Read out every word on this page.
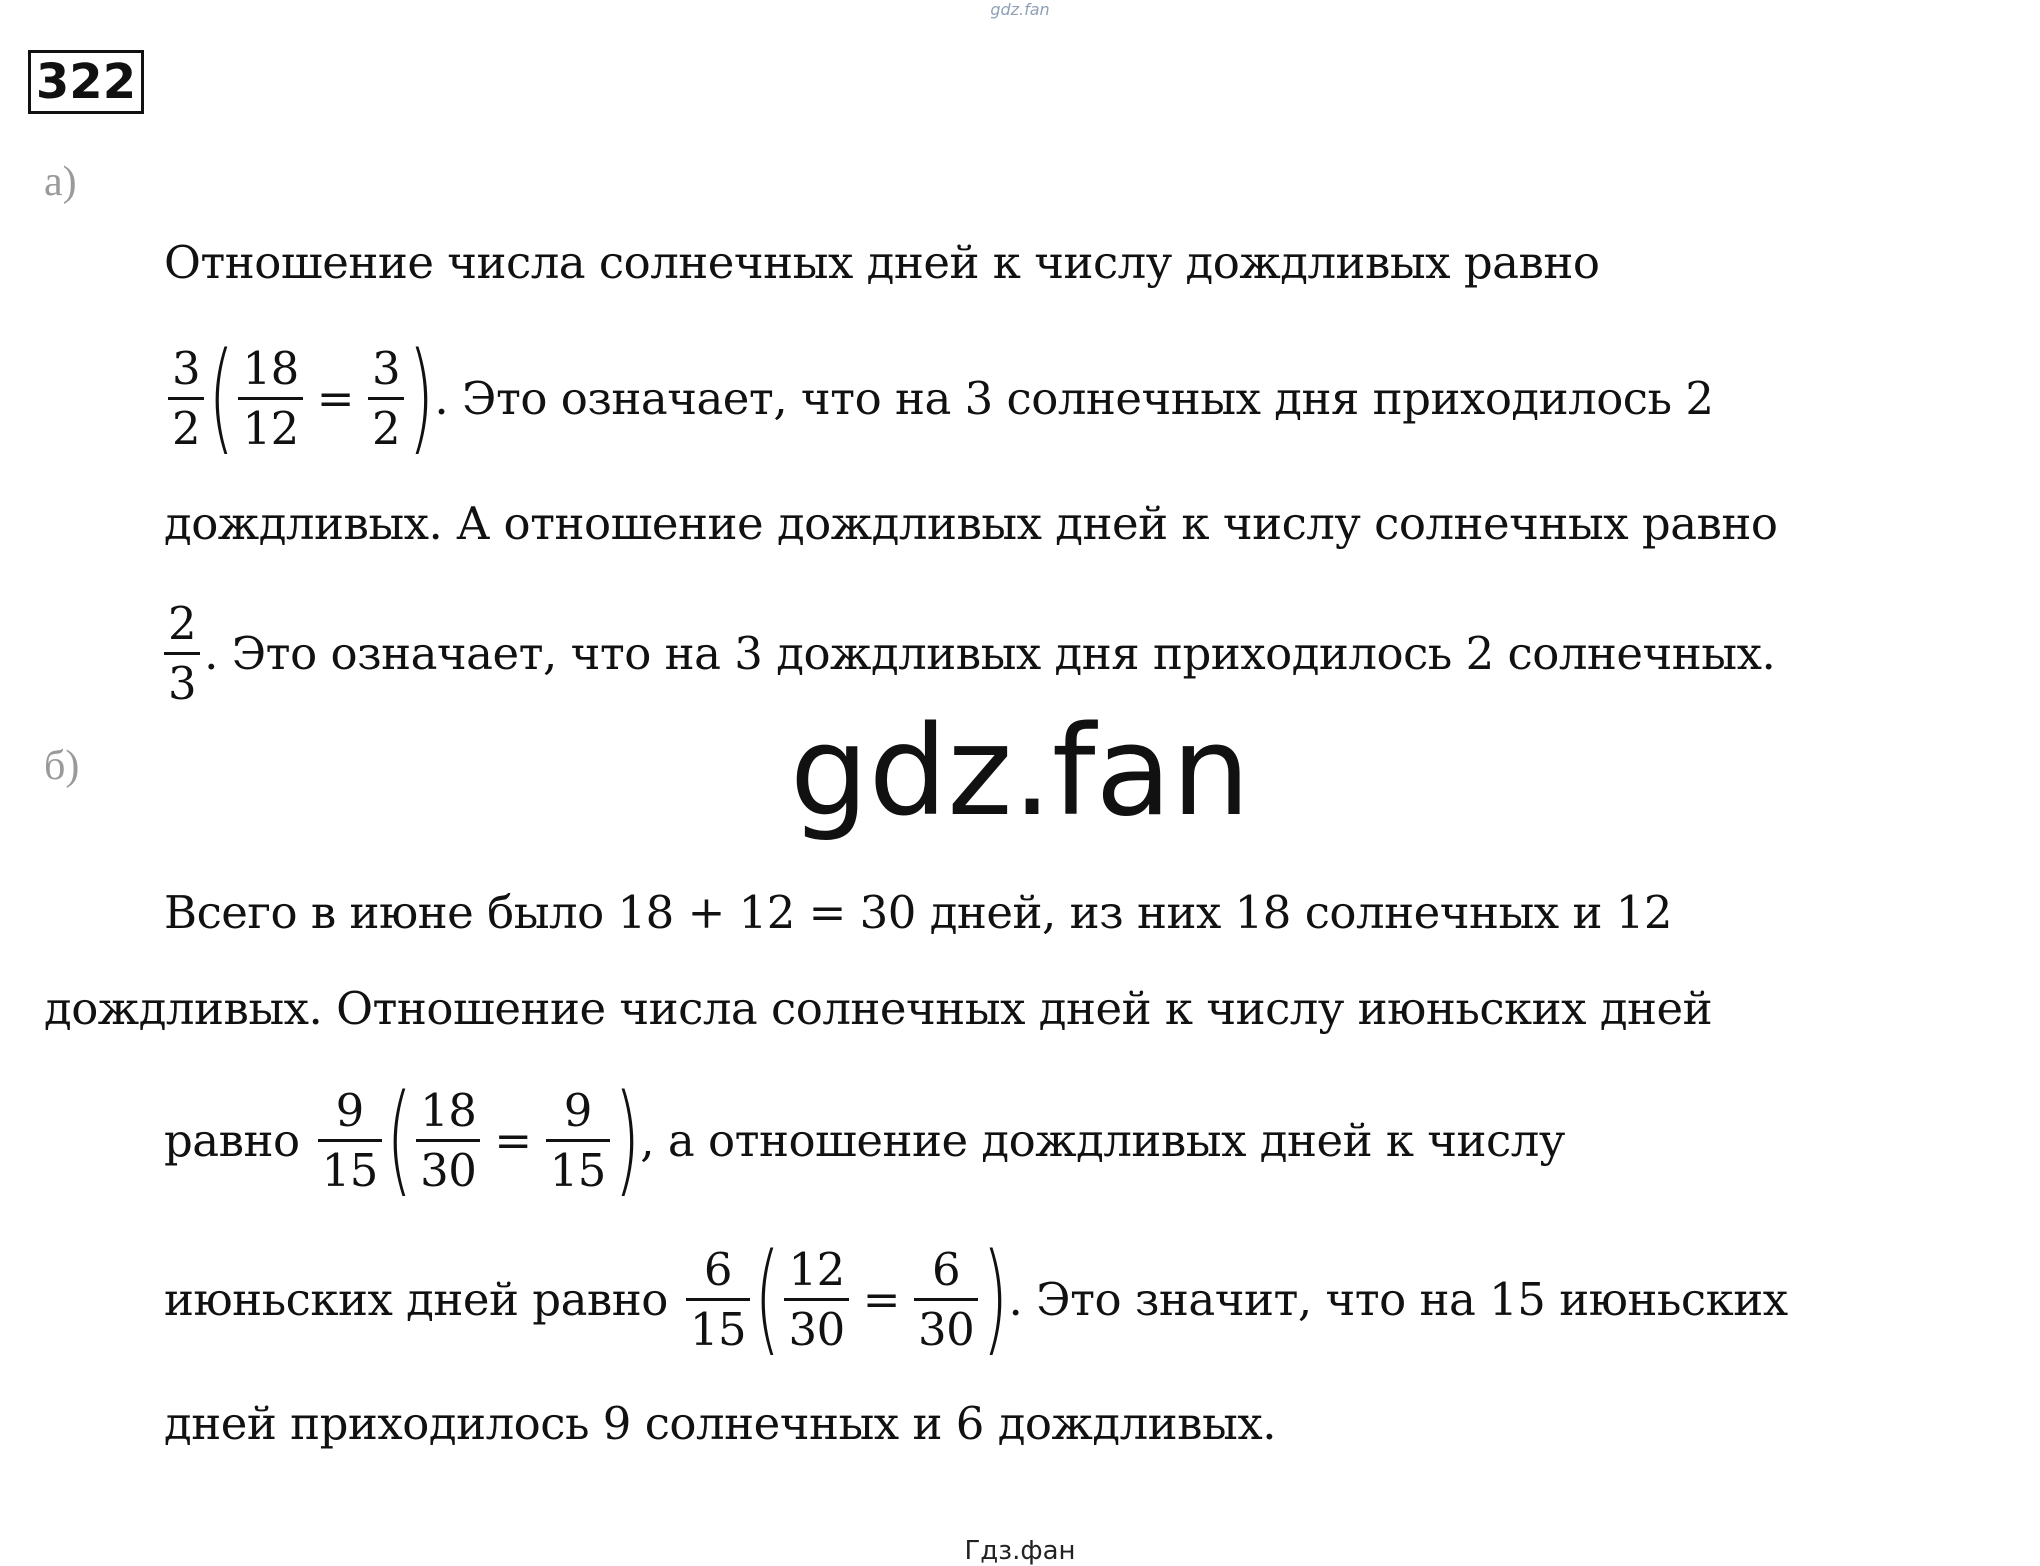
gdz.fan
322
а)
Отношение числа солнечных дней к числу дождливых равно
$\frac{3}{2}$ ( $\frac{18}{12} = \frac{3}{2}$ ) . Это означает, что на 3 солнечных дня приходилось 2
дождливых. А отношение дождливых дней к числу солнечных равно
$\frac{2}{3}$ . Это означает, что на 3 дождливых дня приходилось 2 солнечных.
б)	gdz.fan
Всего в июне было 18 + 12 = 30 дней, из них 18 солнечных и 12
дождливых. Отношение числа солнечных дней к числу июньских дней
равно $\frac{9}{15}$ ( $\frac{18}{30} = \frac{9}{15}$ ) , а отношение дождливых дней к числу
июньских дней равно $\frac{6}{15}$ ( $\frac{12}{30} = \frac{6}{30}$ ) . Это значит, что на 15 июньских
дней приходилось 9 солнечных и 6 дождливых.
Гдз.фан
